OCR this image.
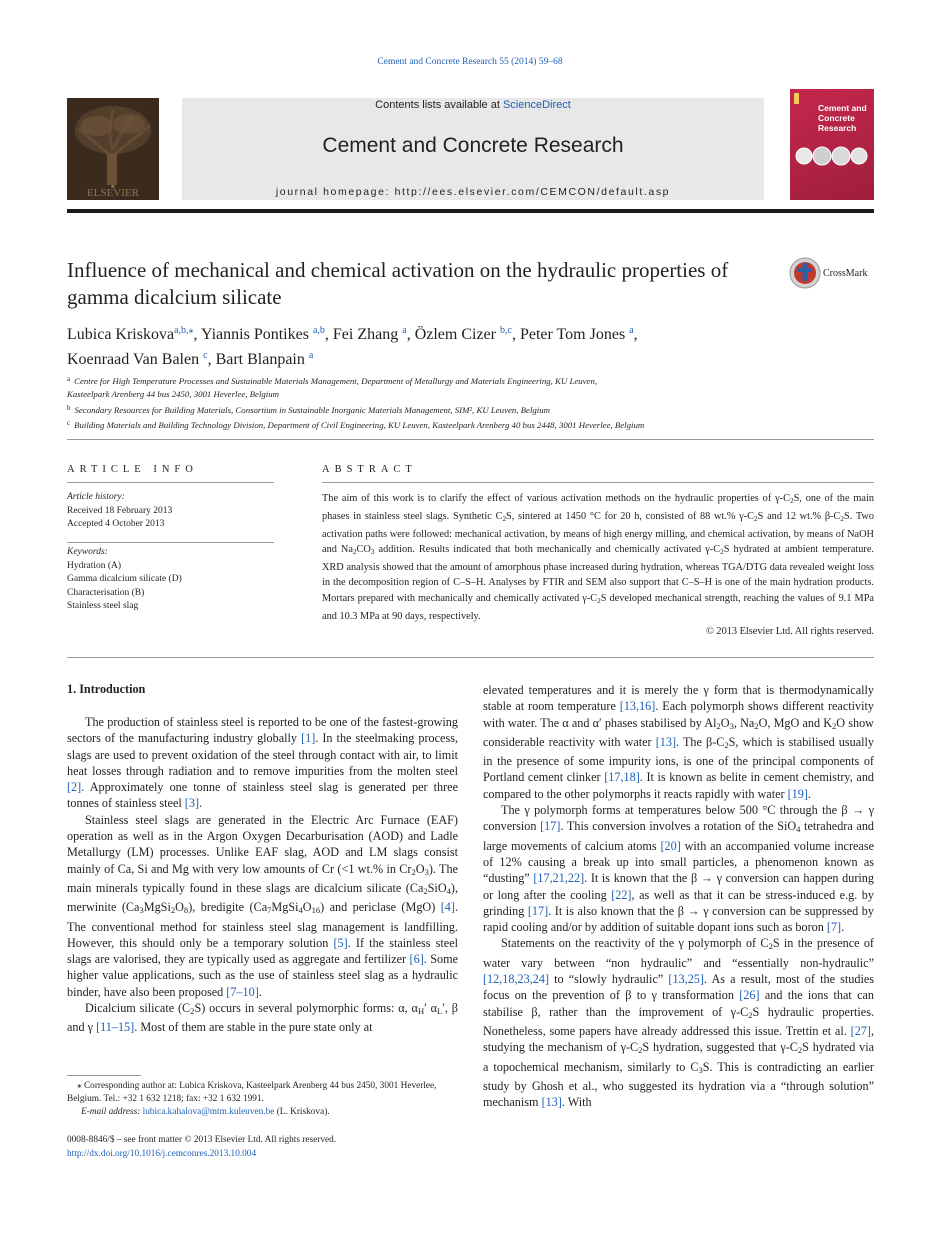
Cement and Concrete Research 55 (2014) 59–68
ELSEVIER
Contents lists available at ScienceDirect
Cement and Concrete Research
journal homepage: http://ees.elsevier.com/CEMCON/default.asp
Cement and
Concrete
Research
Influence of mechanical and chemical activation on the hydraulic properties of gamma dicalcium silicate
CrossMark
Lubica Kriskova$^{a,b,⁎}$, Yiannis Pontikes $^{a,b}$, Fei Zhang $^a$, Özlem Cizer $^{b,c}$, Peter Tom Jones $^a$,
Koenraad Van Balen $^c$, Bart Blanpain $^a$
$^a$ Centre for High Temperature Processes and Sustainable Materials Management, Department of Metallurgy and Materials Engineering, KU Leuven,
Kasteelpark Arenberg 44 bus 2450, 3001 Heverlee, Belgium
$^b$ Secondary Resources for Building Materials, Consortium in Sustainable Inorganic Materials Management, SIM², KU Leuven, Belgium
$^c$ Building Materials and Building Technology Division, Department of Civil Engineering, KU Leuven, Kasteelpark Arenberg 40 bus 2448, 3001 Heverlee, Belgium
ARTICLE INFO
Article history:
Received 18 February 2013
Accepted 4 October 2013
Keywords:
Hydration (A)
Gamma dicalcium silicate (D)
Characterisation (B)
Stainless steel slag
ABSTRACT
The aim of this work is to clarify the effect of various activation methods on the hydraulic properties of $\gamma-C_2S$, one of the main phases in stainless steel slags. Synthetic $C_2S$, sintered at 1450 °C for 20 h, consisted of 88 wt.% $\gamma-C_2S$ and 12 wt.% $\beta-C_2S$. Two activation paths were followed: mechanical activation, by means of high energy milling, and chemical activation, by means of NaOH and $Na_2CO_3$ addition. Results indicated that both mechanically and chemically activated $\gamma-C_2S$ hydrated at ambient temperature. XRD analysis showed that the amount of amorphous phase increased during hydration, whereas TGA/DTG data revealed weight loss in the decomposition region of C–S–H. Analyses by FTIR and SEM also support that C–S–H is one of the main hydration products. Mortars prepared with mechanically and chemically activated $\gamma-C_2S$ developed mechanical strength, reaching the values of 9.1 MPa and 10.3 MPa at 90 days, respectively.
© 2013 Elsevier Ltd. All rights reserved.
1. Introduction

The production of stainless steel is reported to be one of the fastest-growing sectors of the manufacturing industry globally [1]. In the steelmaking process, slags are used to prevent oxidation of the steel through contact with air, to limit heat losses through radiation and to remove impurities from the molten steel [2]. Approximately one tonne of stainless steel slag is generated per three tonnes of stainless steel [3].

Stainless steel slags are generated in the Electric Arc Furnace (EAF) operation as well as in the Argon Oxygen Decarburisation (AOD) and Ladle Metallurgy (LM) processes. Unlike EAF slag, AOD and LM slags consist mainly of Ca, Si and Mg with very low amounts of Cr (<1 wt.% in $Cr_2O_3$). The main minerals typically found in these slags are dicalcium silicate $(Ca_2SiO_4)$, merwinite $(Ca_3MgSi_2O_8)$, bredigite $(Ca_7MgSi_4O_{16})$ and periclase (MgO) [4]. The conventional method for stainless steel slag management is landfilling. However, this should only be a temporary solution [5]. If the stainless steel slags are valorised, they are typically used as aggregate and fertilizer [6]. Some higher value applications, such as the use of stainless steel slag as a hydraulic binder, have also been proposed [7–10].

Dicalcium silicate $(C_2S)$ occurs in several polymorphic forms: α, $\alpha_H'$ $\alpha_L'$, β and γ [11–15]. Most of them are stable in the pure state only at

⁎ Corresponding author at: Lubica Kriskova, Kasteelpark Arenberg 44 bus 2450, 3001 Heverlee, Belgium. Tel.: +32 1 632 1218; fax: +32 1 632 1991.
E-mail address: lubica.kahalova@mtm.kuleuven.be (L. Kriskova).
0008-8846/$ – see front matter © 2013 Elsevier Ltd. All rights reserved.
http://dx.doi.org/10.1016/j.cemconres.2013.10.004

elevated temperatures and it is merely the γ form that is thermodynamically stable at room temperature [13,16]. Each polymorph shows different reactivity with water. The α and α′ phases stabilised by $Al_2O_3$, $Na_2O$, MgO and $K_2O$ show considerable reactivity with water [13]. The $\beta-C_2S$, which is stabilised usually in the presence of some impurity ions, is one of the principal components of Portland cement clinker [17,18]. It is known as belite in cement chemistry, and compared to the other polymorphs it reacts rapidly with water [19].

The γ polymorph forms at temperatures below 500 °C through the β → γ conversion [17]. This conversion involves a rotation of the SiO$_4$ tetrahedra and large movements of calcium atoms [20] with an accompanied volume increase of 12% causing a break up into small particles, a phenomenon known as “dusting” [17,21,22]. It is known that the β → γ conversion can happen during or long after the cooling [22], as well as that it can be stress-induced e.g. by grinding [17]. It is also known that the β → γ conversion can be suppressed by rapid cooling and/or by addition of suitable dopant ions such as boron [7].

Statements on the reactivity of the γ polymorph of $C_2S$ in the presence of water vary between “non hydraulic” and “essentially non-hydraulic” [12,18,23,24] to “slowly hydraulic” [13,25]. As a result, most of the studies focus on the prevention of β to γ transformation [26] and the ions that can stabilise β, rather than the improvement of $\gamma-C_2S$ hydraulic properties. Nonetheless, some papers have already addressed this issue. Trettin et al. [27], studying the mechanism of $\gamma-C_2S$ hydration, suggested that $\gamma-C_2S$ hydrated via a topochemical mechanism, similarly to $C_3S$. This is contradicting an earlier study by Ghosh et al., who suggested its hydration via a “through solution” mechanism [13]. With
